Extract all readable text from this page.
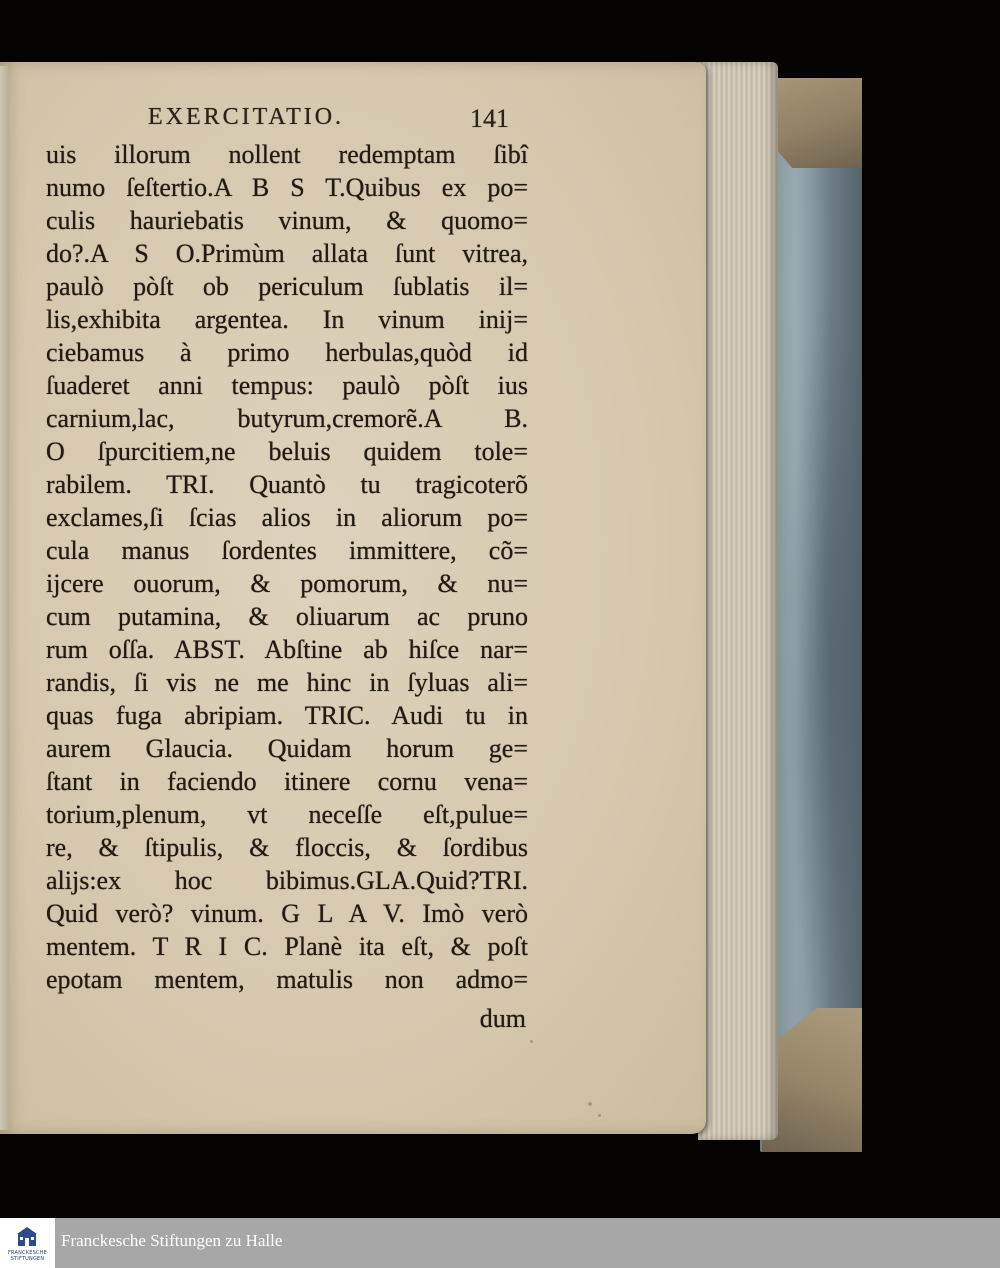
EXERCITATIO.	141
uis illorum nollent redemptam ſibî
numo ſeſtertio.A B S T.Quibus ex po=
culis hauriebatis vinum, & quomo=
do?.A S O.Primùm allata ſunt vitrea,
paulò pòſt ob periculum ſublatis il=
lis,exhibita argentea. In vinum inij=
ciebamus à primo herbulas,quòd id
ſuaderet anni tempus: paulò pòſt ius
carnium,lac, butyrum,cremorẽ.A B.
O ſpurcitiem,ne beluis quidem tole=
rabilem. TRI. Quantò tu tragicoterõ
exclames,ſi ſcias alios in aliorum po=
cula manus ſordentes immittere, cõ=
ijcere ouorum, & pomorum, & nu=
cum putamina, & oliuarum ac pruno
rum oſſa. ABST. Abſtine ab hiſce nar=
randis, ſi vis ne me hinc in ſyluas ali=
quas fuga abripiam. TRIC. Audi tu in
aurem Glaucia. Quidam horum ge=
ſtant in faciendo itinere cornu vena=
torium,plenum, vt neceſſe eſt,pulue=
re, & ſtipulis, & floccis, & ſordibus
alijs:ex hoc bibimus.GLA.Quid?TRI.
Quid verò? vinum. G L A V. Imò verò
mentem. T R I C. Planè ita eſt, & poſt
epotam mentem, matulis non admo=
dum
FRANCKESCHE STIFTUNGEN
Franckesche Stiftungen zu Halle
